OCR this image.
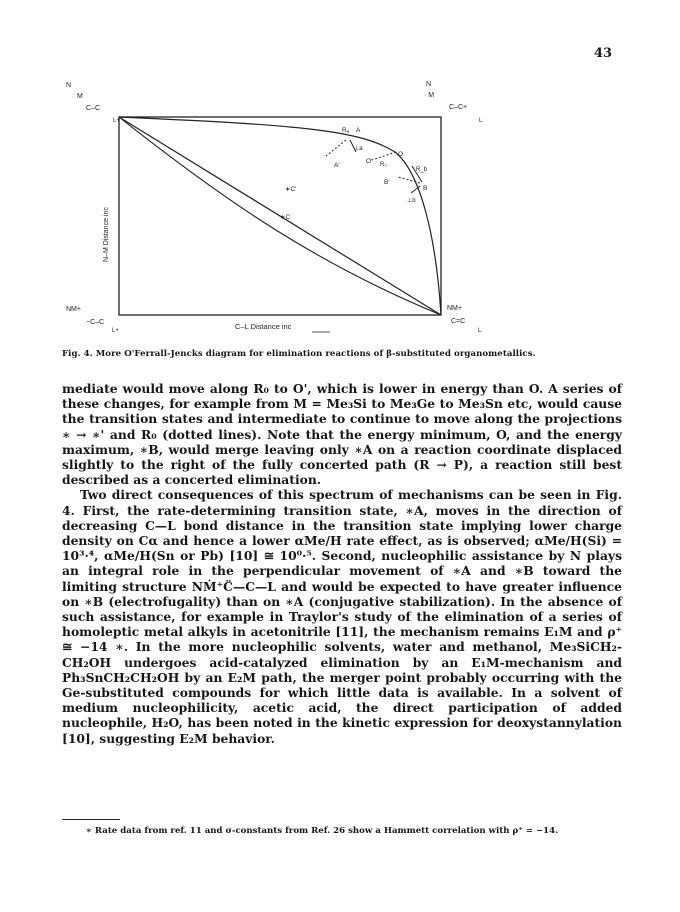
43
N
M
C–C
L+
N
· M
C–C+
L
NM+
−C–C
L+
NM+
C=C
L
C–L Distance inc
N–M Distance inc
Rₐ A
⊥a
A'
O' R₀
O
R_b
B'
B
⊥b
∗C'
∗C
Fig. 4. More O'Ferrall-Jencks diagram for elimination reactions of β-substituted organometallics.

mediate would move along R₀ to O', which is lower in energy than O. A series of these changes, for example from M = Me₃Si to Me₃Ge to Me₃Sn etc, would cause the transition states and intermediate to continue to move along the projections ∗ → ∗' and R₀ (dotted lines). Note that the energy minimum, O, and the energy maximum, ∗B, would merge leaving only ∗A on a reaction coordinate displaced slightly to the right of the fully concerted path (R → P), a reaction still best described as a concerted elimination.

Two direct consequences of this spectrum of mechanisms can be seen in Fig. 4. First, the rate-determining transition state, ∗A, moves in the direction of decreasing C—L bond distance in the transition state implying lower charge density on Cα and hence a lower αMe/H rate effect, as is observed; αMe/H(Si) = 10³·⁴, αMe/H(Sn or Pb) [10] ≅ 10⁰·⁵. Second, nucleophilic assistance by N plays an integral role in the perpendicular movement of ∗A and ∗B toward the limiting structure NṀ⁺C̈—C—L and would be expected to have greater influence on ∗B (electrofugality) than on ∗A (conjugative stabilization). In the absence of such assistance, for example in Traylor's study of the elimination of a series of homoleptic metal alkyls in acetonitrile [11], the mechanism remains E₁M and ρ⁺ ≅ −14 ∗. In the more nucleophilic solvents, water and methanol, Me₃SiCH₂-CH₂OH undergoes acid-catalyzed elimination by an E₁M-mechanism and Ph₃SnCH₂CH₂OH by an E₂M path, the merger point probably occurring with the Ge-substituted compounds for which little data is available. In a solvent of medium nucleophilicity, acetic acid, the direct participation of added nucleophile, H₂O, has been noted in the kinetic expression for deoxystannylation [10], suggesting E₂M behavior.

∗ Rate data from ref. 11 and σ-constants from Ref. 26 show a Hammett correlation with ρ⁺ = −14.
